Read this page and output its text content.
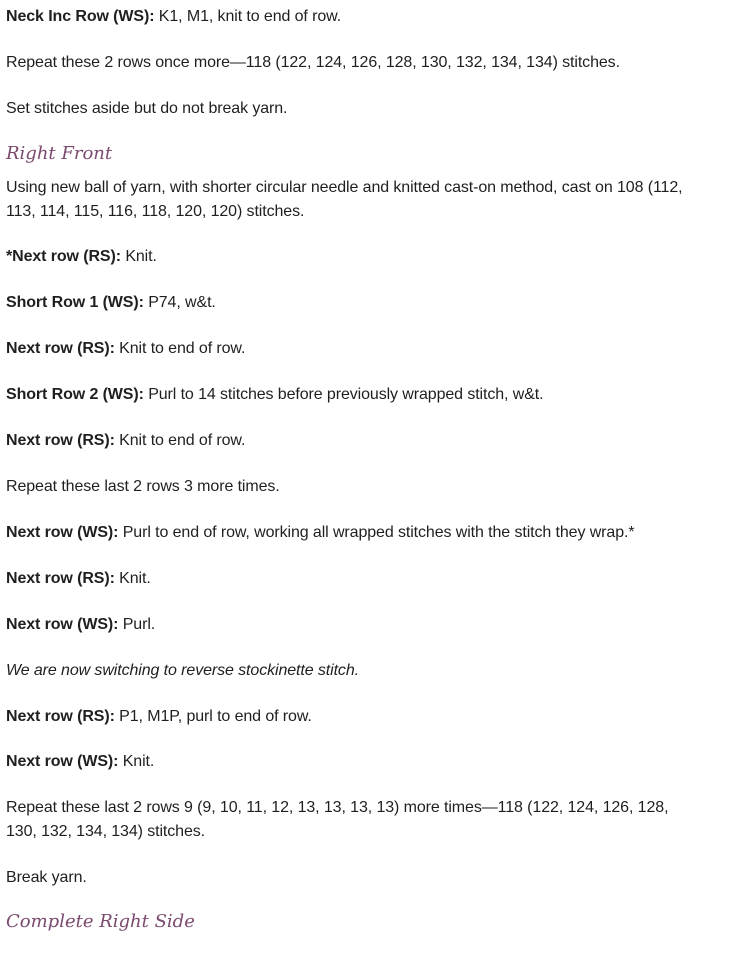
Neck Inc Row (WS): K1, M1, knit to end of row.
Repeat these 2 rows once more—118 (122, 124, 126, 128, 130, 132, 134, 134) stitches.
Set stitches aside but do not break yarn.
Right Front
Using new ball of yarn, with shorter circular needle and knitted cast-on method, cast on 108 (112,
113, 114, 115, 116, 118, 120, 120) stitches.
*Next row (RS): Knit.
Short Row 1 (WS): P74, w&t.
Next row (RS): Knit to end of row.
Short Row 2 (WS): Purl to 14 stitches before previously wrapped stitch, w&t.
Next row (RS): Knit to end of row.
Repeat these last 2 rows 3 more times.
Next row (WS): Purl to end of row, working all wrapped stitches with the stitch they wrap.*
Next row (RS): Knit.
Next row (WS): Purl.
We are now switching to reverse stockinette stitch.
Next row (RS): P1, M1P, purl to end of row.
Next row (WS): Knit.
Repeat these last 2 rows 9 (9, 10, 11, 12, 13, 13, 13, 13) more times—118 (122, 124, 126, 128,
130, 132, 134, 134) stitches.
Break yarn.
Complete Right Side
